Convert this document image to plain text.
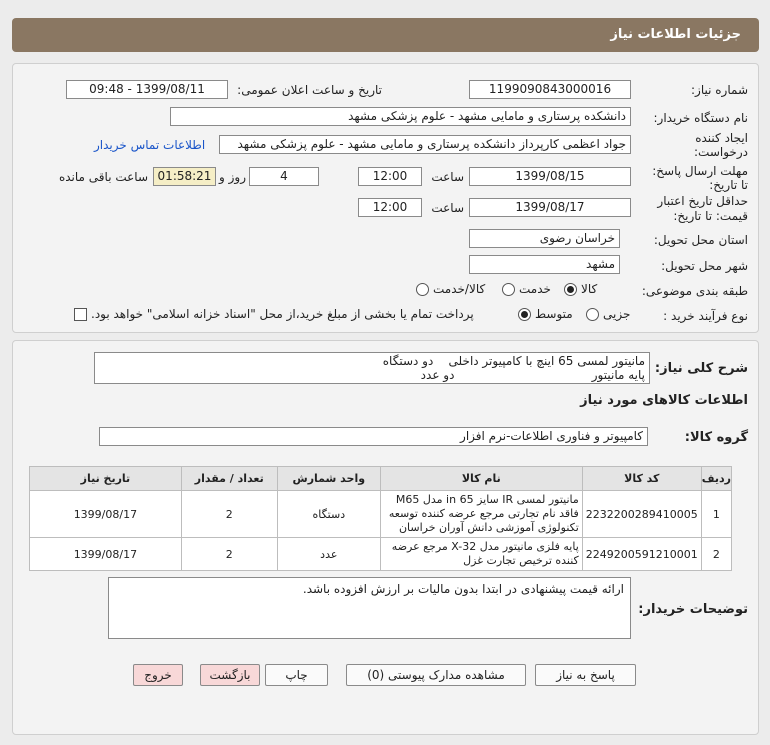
جزئیات اطلاعات نیاز
شماره نیاز:
1199090843000016
تاریخ و ساعت اعلان عمومی:
1399/08/11 - 09:48
نام دستگاه خریدار:
دانشکده پرستاری و مامایی مشهد - علوم پزشکی مشهد
ایجاد کننده
درخواست:
جواد اعظمی کارپرداز دانشکده پرستاری و مامایی مشهد - علوم پزشکی مشهد
اطلاعات تماس خریدار
مهلت ارسال پاسخ:
تا تاریخ:
1399/08/15
ساعت
12:00
4
روز و
01:58:21
ساعت باقی مانده
حداقل تاریخ اعتبار
قیمت: تا تاریخ:
1399/08/17
ساعت
12:00
استان محل تحویل:
خراسان رضوی
شهر محل تحویل:
مشهد
طبقه بندی موضوعی:
کالا
خدمت
کالا/خدمت
نوع فرآیند خرید :
جزیی
متوسط
پرداخت تمام یا بخشی از مبلغ خرید،از محل "اسناد خزانه اسلامی" خواهد بود.
شرح کلی نیاز:
مانیتور لمسی 65 اینچ با کامپیوتر داخلی    دو دستگاه
پایه مانیتور                                    دو عدد
اطلاعات کالاهای مورد نیاز
گروه کالا:
کامپیوتر و فناوری اطلاعات-نرم افزار
ردیف	کد کالا	نام کالا	واحد شمارش	تعداد / مقدار	تاریخ نیاز
1	2232200289410005	مانیتور لمسی IR سایز 65 in مدل M65 فاقد نام تجارتی مرجع عرضه کننده توسعه تکنولوژی آموزشی دانش آوران خراسان	دستگاه	2	1399/08/17
2	2249200591210001	پایه فلزی مانیتور مدل X-32 مرجع عرضه کننده ترخیص تجارت غزل	عدد	2	1399/08/17
توضیحات خریدار:
ارائه قیمت پیشنهادی در ابتدا بدون مالیات بر ارزش افزوده باشد.
پاسخ به نیاز
مشاهده مدارک پیوستی (0)
چاپ
بازگشت
خروج
